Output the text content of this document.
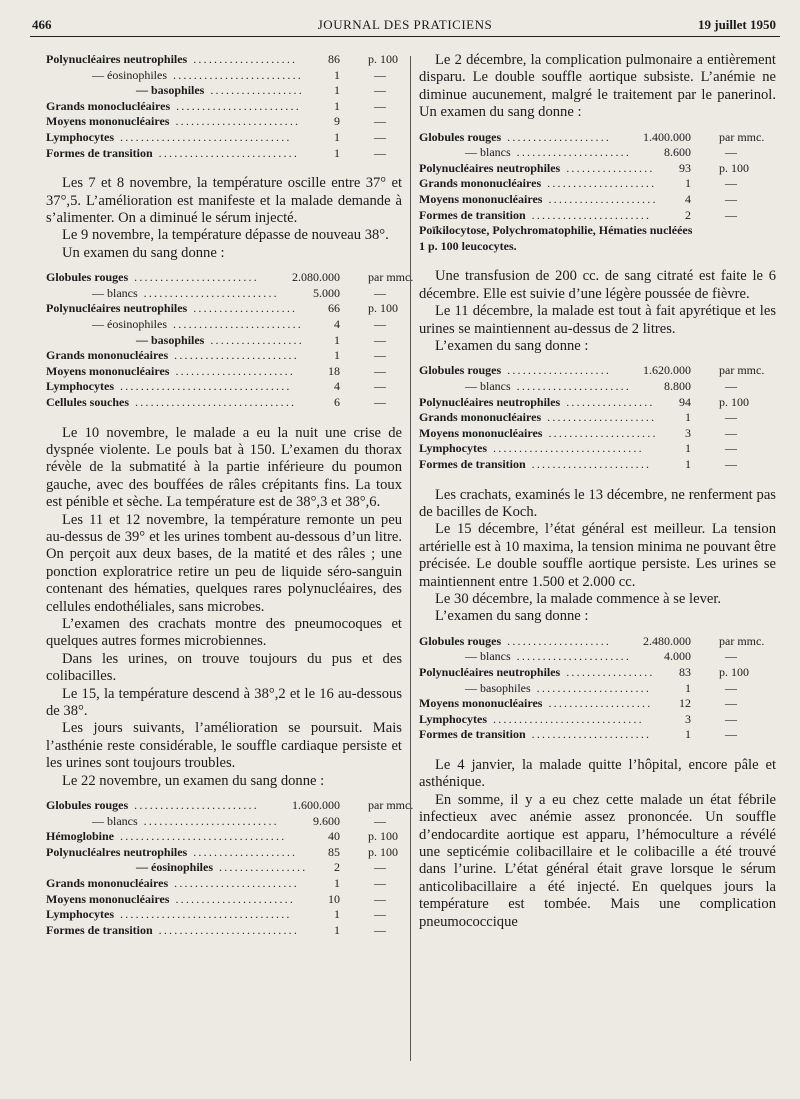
466	JOURNAL DES PRATICIENS	19 juillet 1950
Polynucléaires neutrophiles ....................	86 p. 100
— éosinophiles .........................	1	—
— basophiles ..................	1	—
Grands monoclucléaires ........................	1	—
Moyens mononucléaires ........................	9	—
Lymphocytes .................................	1	—
Formes de transition ...........................	1	—
Les 7 et 8 novembre, la température oscille entre 37° et 37°,5. L’amélioration est manifeste et la malade demande à s’alimenter. On a diminué le sérum injecté.
Le 9 novembre, la température dépasse de nouveau 38°.
Un examen du sang donne :
Globules rouges ........................	2.080.000 par mmc.
— blancs ..........................	5.000	—
Polynucléaires neutrophiles ....................	66 p. 100
— éosinophiles .........................	4	—
— basophiles ..................	1	—
Grands mononucléaires ........................	1	—
Moyens mononucléaires .......................	18	—
Lymphocytes .................................	4	—
Cellules souches ...............................	6	—
Le 10 novembre, le malade a eu la nuit une crise de dyspnée violente. Le pouls bat à 150. L’examen du thorax révèle de la submatité à la partie inférieure du poumon gauche, avec des bouffées de râles crépitants fins. La toux est pénible et sèche. La température est de 38°,3 et 38°,6.
Les 11 et 12 novembre, la température remonte un peu au-dessus de 39° et les urines tombent au-dessous d’un litre. On perçoit aux deux bases, de la matité et des râles ; une ponction exploratrice retire un peu de liquide séro-sanguin contenant des hématies, quelques rares polynucléaires, des cellules endothéliales, sans microbes.
L’examen des crachats montre des pneumocoques et quelques autres formes microbiennes.
Dans les urines, on trouve toujours du pus et des colibacilles.
Le 15, la température descend à 38°,2 et le 16 au-dessous de 38°.
Les jours suivants, l’amélioration se poursuit. Mais l’asthénie reste considérable, le souffle cardiaque persiste et les urines sont toujours troubles.
Le 22 novembre, un examen du sang donne :
Globules rouges ........................	1.600.000 par mmc.
— blancs ..........................	9.600	—
Hémoglobine ................................	40 p. 100
Polynucléalres neutrophiles ....................	85 p. 100
— éosinophiles ................. 2	—
Grands mononucléaires ........................	1	—
Moyens mononucléaires .......................	10	—
Lymphocytes .................................	1	—
Formes de transition ...........................	1	—
Le 2 décembre, la complication pulmonaire a entièrement disparu. Le double souffle aortique subsiste. L’anémie ne diminue aucunement, malgré le traitement par le panerinol. Un examen du sang donne :
Globules rouges ....................	1.400.000 par mmc.
— blancs ......................	8.600	—
Polynucléaires neutrophiles ................. 93 p. 100
Grands mononucléaires ..................... 1	—
Moyens mononucléaires ..................... 4	—
Formes de transition .......................	2	—
Poïkilocytose, Polychromatophilie, Hématies nucléées
1 p. 100 leucocytes.
Une transfusion de 200 cc. de sang citraté est faite le 6 décembre. Elle est suivie d’une légère poussée de fièvre.
Le 11 décembre, la malade est tout à fait apyrétique et les urines se maintiennent au-dessus de 2 litres.
L’examen du sang donne :
Globules rouges ....................	1.620.000 par mmc.
— blancs ......................	8.800	—
Polynucléaires neutrophiles ................. 94 p. 100
Grands mononucléaires ..................... 1	—
Moyens mononucléaires ..................... 3	—
Lymphocytes .............................	1	—
Formes de transition .......................	1	—
Les crachats, examinés le 13 décembre, ne renferment pas de bacilles de Koch.
Le 15 décembre, l’état général est meilleur. La tension artérielle est à 10 maxima, la tension minima ne pouvant être précisée. Le double souffle aortique persiste. Les urines se maintiennent entre 1.500 et 2.000 cc.
Le 30 décembre, la malade commence à se lever.
L’examen du sang donne :
Globules rouges ....................	2.480.000 par mmc.
— blancs ......................	4.000	—
Polynucléaires neutrophiles ................. 83 p. 100
— basophiles ......................	1	—
Moyens mononucléaires .................... 12	—
Lymphocytes .............................	3	—
Formes de transition .......................	1	—
Le 4 janvier, la malade quitte l’hôpital, encore pâle et asthénique.
En somme, il y a eu chez cette malade un état fébrile infectieux avec anémie assez prononcée. Un souffle d’endocardite aortique est apparu, l’hémoculture a révélé une septicémie colibacillaire et le colibacille a été trouvé dans l’urine. L’état général était grave lorsque le sérum anticolibacillaire a été injecté. En quelques jours la température est tombée. Mais une complication pneumococcique
